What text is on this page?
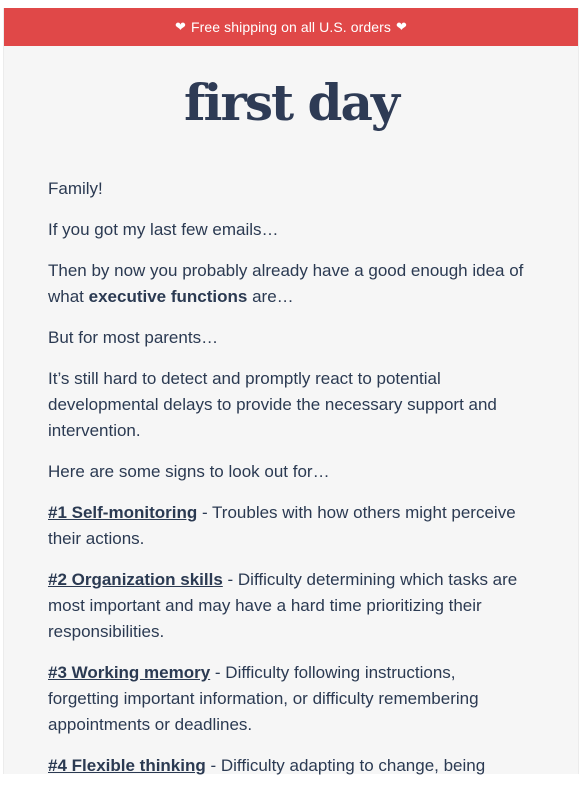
❤ Free shipping on all U.S. orders ❤
first day

Family!

If you got my last few emails…

Then by now you probably already have a good enough idea of what executive functions are…

But for most parents…

It’s still hard to detect and promptly react to potential developmental delays to provide the necessary support and intervention.

Here are some signs to look out for…

#1 Self-monitoring - Troubles with how others might perceive their actions.

#2 Organization skills - Difficulty determining which tasks are most important and may have a hard time prioritizing their responsibilities.

#3 Working memory - Difficulty following instructions, forgetting important information, or difficulty remembering appointments or deadlines.

#4 Flexible thinking - Difficulty adapting to change, being
